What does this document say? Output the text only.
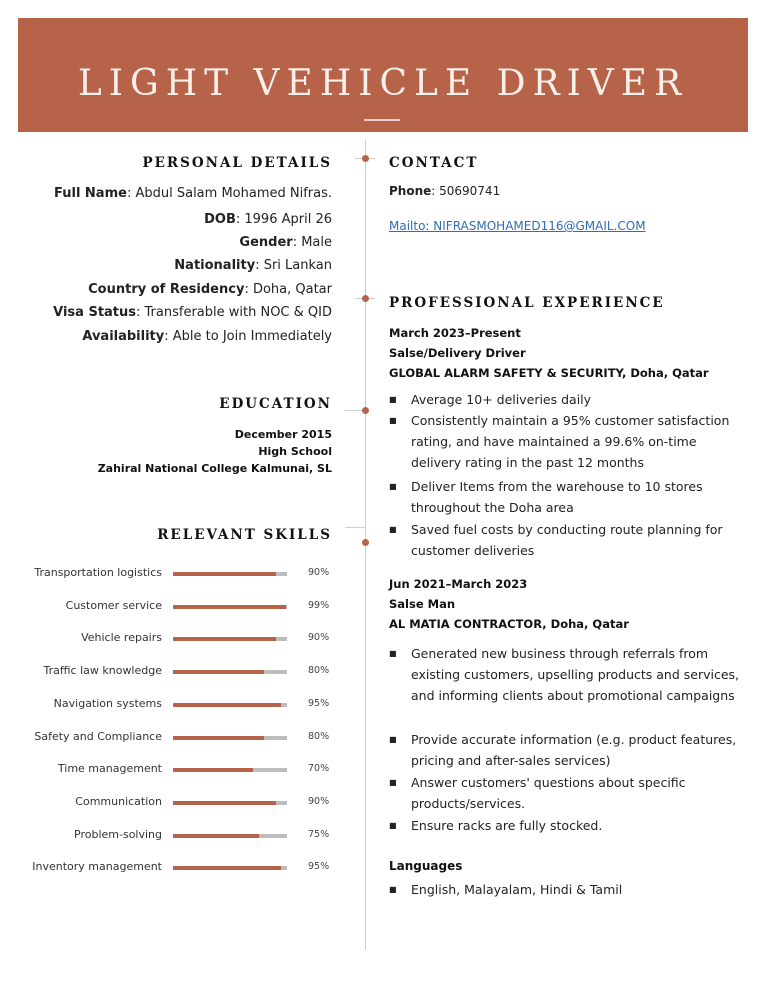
LIGHT VEHICLE DRIVER
PERSONAL DETAILS
Full Name: Abdul Salam Mohamed Nifras.
DOB: 1996 April 26
Gender: Male
Nationality: Sri Lankan
Country of Residency: Doha, Qatar
Visa Status: Transferable with NOC & QID
Availability: Able to Join Immediately
EDUCATION
December 2015
High School
Zahiral National College Kalmunai, SL
RELEVANT SKILLS
Transportation logistics	90%
Customer service	99%
Vehicle repairs	90%
Traffic law knowledge	80%
Navigation systems	95%
Safety and Compliance	80%
Time management	70%
Communication	90%
Problem-solving	75%
Inventory management	95%
CONTACT
Phone: 50690741
Mailto: NIFRASMOHAMED116@GMAIL.COM
PROFESSIONAL EXPERIENCE
March 2023–Present
Salse/Delivery Driver
GLOBAL ALARM SAFETY & SECURITY, Doha, Qatar
■	Average 10+ deliveries daily
■	Consistently maintain a 95% customer satisfaction rating, and have maintained a 99.6% on-time delivery rating in the past 12 months
■	Deliver Items from the warehouse to 10 stores throughout the Doha area
■	Saved fuel costs by conducting route planning for customer deliveries
Jun 2021–March 2023
Salse Man
AL MATIA CONTRACTOR, Doha, Qatar
■	Generated new business through referrals from existing customers, upselling products and services, and informing clients about promotional campaigns
■	Provide accurate information (e.g. product features, pricing and after-sales services)
■	Answer customers' questions about specific products/services.
■	Ensure racks are fully stocked.
Languages
■	English, Malayalam, Hindi & Tamil
